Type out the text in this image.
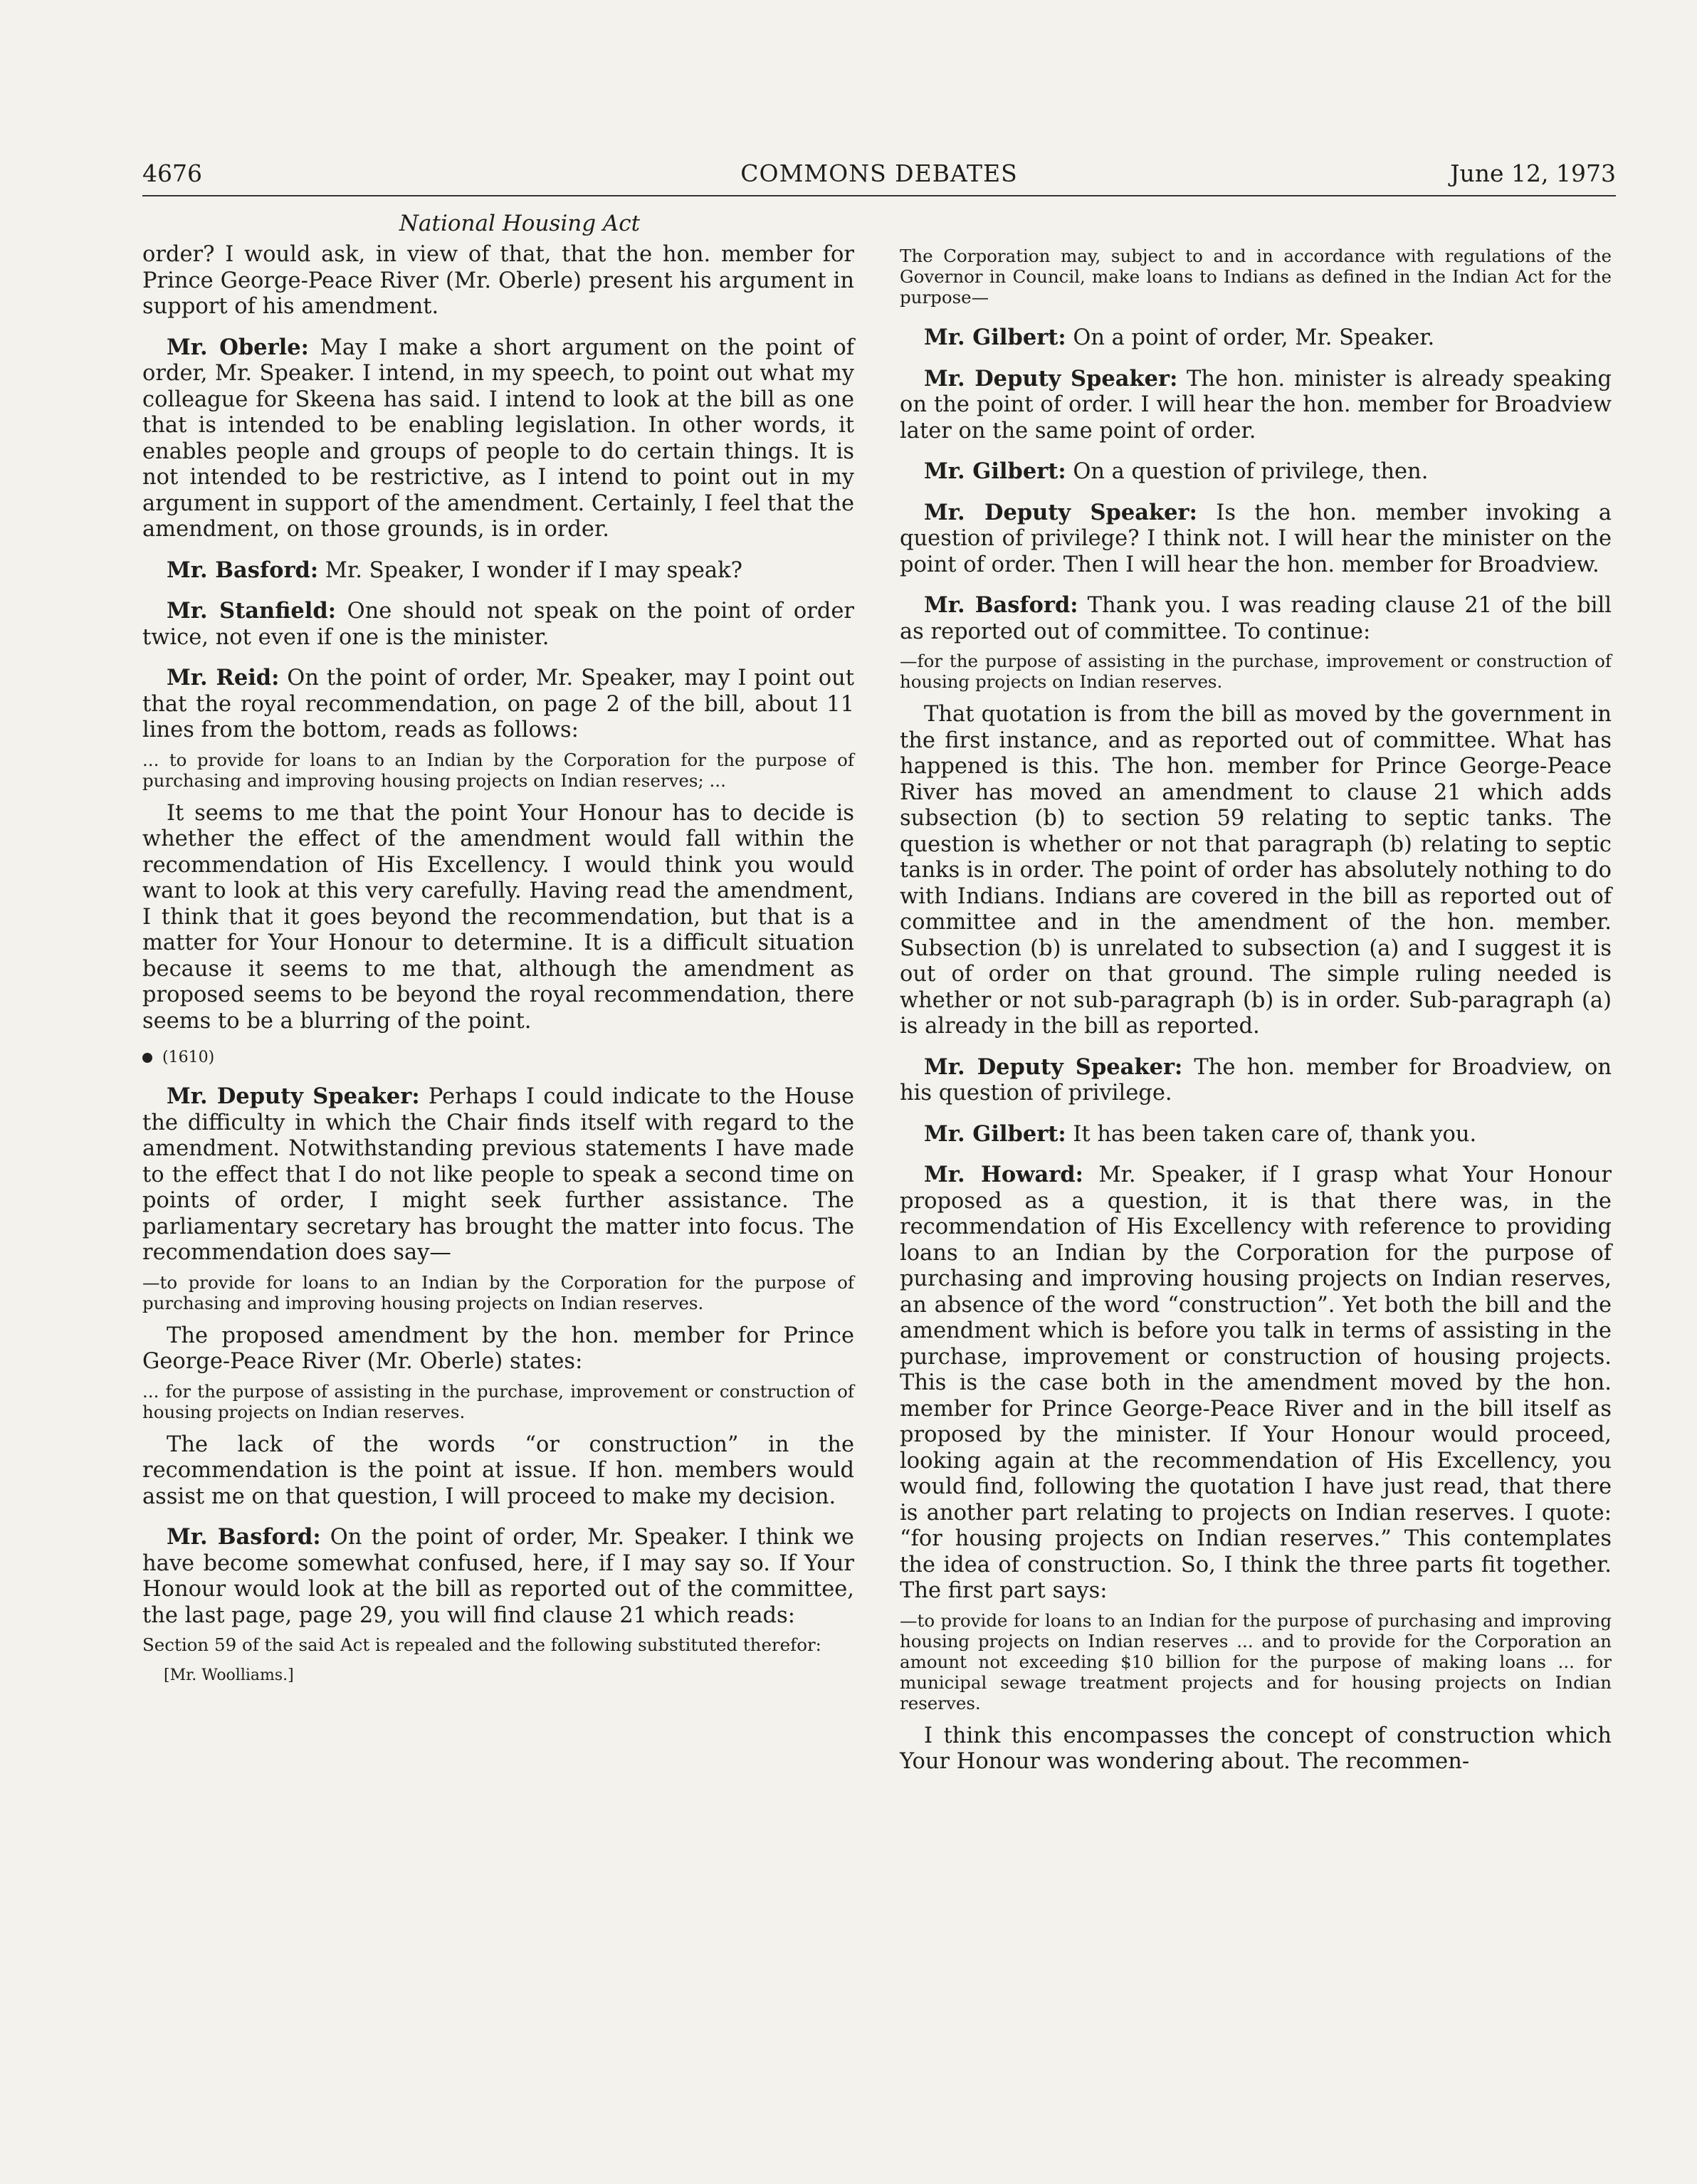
COMMONS DEBATES
4676	June 12, 1973
National Housing Act

order? I would ask, in view of that, that the hon. member for Prince George-Peace River (Mr. Oberle) present his argument in support of his amendment.

Mr. Oberle: May I make a short argument on the point of order, Mr. Speaker. I intend, in my speech, to point out what my colleague for Skeena has said. I intend to look at the bill as one that is intended to be enabling legislation. In other words, it enables people and groups of people to do certain things. It is not intended to be restrictive, as I intend to point out in my argument in support of the amendment. Certainly, I feel that the amendment, on those grounds, is in order.

Mr. Basford: Mr. Speaker, I wonder if I may speak?

Mr. Stanfield: One should not speak on the point of order twice, not even if one is the minister.

Mr. Reid: On the point of order, Mr. Speaker, may I point out that the royal recommendation, on page 2 of the bill, about 11 lines from the bottom, reads as follows:

... to provide for loans to an Indian by the Corporation for the purpose of purchasing and improving housing projects on Indian reserves; ...

It seems to me that the point Your Honour has to decide is whether the effect of the amendment would fall within the recommendation of His Excellency. I would think you would want to look at this very carefully. Having read the amendment, I think that it goes beyond the recommendation, but that is a matter for Your Honour to determine. It is a difficult situation because it seems to me that, although the amendment as proposed seems to be beyond the royal recommendation, there seems to be a blurring of the point.

(1610)

Mr. Deputy Speaker: Perhaps I could indicate to the House the difficulty in which the Chair finds itself with regard to the amendment. Notwithstanding previous statements I have made to the effect that I do not like people to speak a second time on points of order, I might seek further assistance. The parliamentary secretary has brought the matter into focus. The recommendation does say—

—to provide for loans to an Indian by the Corporation for the purpose of purchasing and improving housing projects on Indian reserves.

The proposed amendment by the hon. member for Prince George-Peace River (Mr. Oberle) states:

... for the purpose of assisting in the purchase, improvement or construction of housing projects on Indian reserves.

The lack of the words “or construction” in the recommendation is the point at issue. If hon. members would assist me on that question, I will proceed to make my decision.

Mr. Basford: On the point of order, Mr. Speaker. I think we have become somewhat confused, here, if I may say so. If Your Honour would look at the bill as reported out of the committee, the last page, page 29, you will find clause 21 which reads:

Section 59 of the said Act is repealed and the following substituted therefor:
[Mr. Woolliams.]
The Corporation may, subject to and in accordance with regulations of the Governor in Council, make loans to Indians as defined in the Indian Act for the purpose—

Mr. Gilbert: On a point of order, Mr. Speaker.

Mr. Deputy Speaker: The hon. minister is already speaking on the point of order. I will hear the hon. member for Broadview later on the same point of order.

Mr. Gilbert: On a question of privilege, then.

Mr. Deputy Speaker: Is the hon. member invoking a question of privilege? I think not. I will hear the minister on the point of order. Then I will hear the hon. member for Broadview.

Mr. Basford: Thank you. I was reading clause 21 of the bill as reported out of committee. To continue:

—for the purpose of assisting in the purchase, improvement or construction of housing projects on Indian reserves.

That quotation is from the bill as moved by the government in the first instance, and as reported out of committee. What has happened is this. The hon. member for Prince George-Peace River has moved an amendment to clause 21 which adds subsection (b) to section 59 relating to septic tanks. The question is whether or not that paragraph (b) relating to septic tanks is in order. The point of order has absolutely nothing to do with Indians. Indians are covered in the bill as reported out of committee and in the amendment of the hon. member. Subsection (b) is unrelated to subsection (a) and I suggest it is out of order on that ground. The simple ruling needed is whether or not sub-paragraph (b) is in order. Sub-paragraph (a) is already in the bill as reported.

Mr. Deputy Speaker: The hon. member for Broadview, on his question of privilege.

Mr. Gilbert: It has been taken care of, thank you.

Mr. Howard: Mr. Speaker, if I grasp what Your Honour proposed as a question, it is that there was, in the recommendation of His Excellency with reference to providing loans to an Indian by the Corporation for the purpose of purchasing and improving housing projects on Indian reserves, an absence of the word “construction”. Yet both the bill and the amendment which is before you talk in terms of assisting in the purchase, improvement or construction of housing projects. This is the case both in the amendment moved by the hon. member for Prince George-Peace River and in the bill itself as proposed by the minister. If Your Honour would proceed, looking again at the recommendation of His Excellency, you would find, following the quotation I have just read, that there is another part relating to projects on Indian reserves. I quote: “for housing projects on Indian reserves.” This contemplates the idea of construction. So, I think the three parts fit together. The first part says:

—to provide for loans to an Indian for the purpose of purchasing and improving housing projects on Indian reserves ... and to provide for the Corporation an amount not exceeding $10 billion for the purpose of making loans ... for municipal sewage treatment projects and for housing projects on Indian reserves.

I think this encompasses the concept of construction which Your Honour was wondering about. The recommen-
